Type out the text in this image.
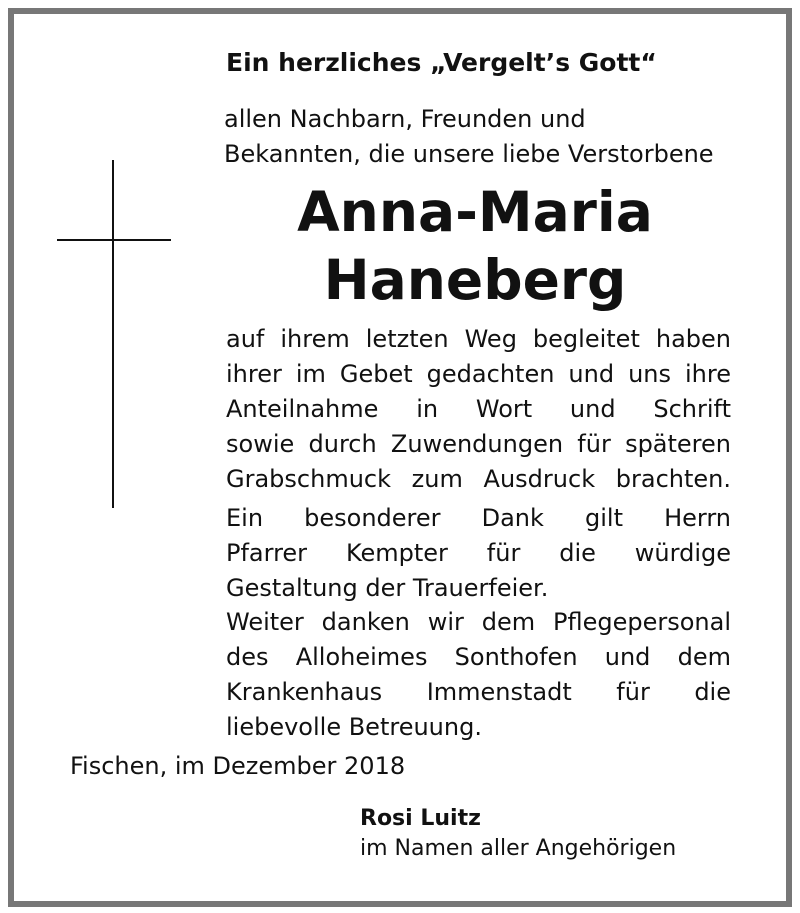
Ein herzliches „Vergelt’s Gott“
allen Nachbarn, Freunden und
Bekannten, die unsere liebe Verstorbene
Anna-Maria
Haneberg
auf ihrem letzten Weg begleitet haben
ihrer im Gebet gedachten und uns ihre
Anteilnahme in Wort und Schrift
sowie durch Zuwendungen für späteren
Grabschmuck zum Ausdruck brachten.
Ein besonderer Dank gilt Herrn
Pfarrer Kempter für die würdige
Gestaltung der Trauerfeier.
Weiter danken wir dem Pflegepersonal
des Alloheimes Sonthofen und dem
Krankenhaus Immenstadt für die
liebevolle Betreuung.
Fischen, im Dezember 2018
Rosi Luitz
im Namen aller Angehörigen
